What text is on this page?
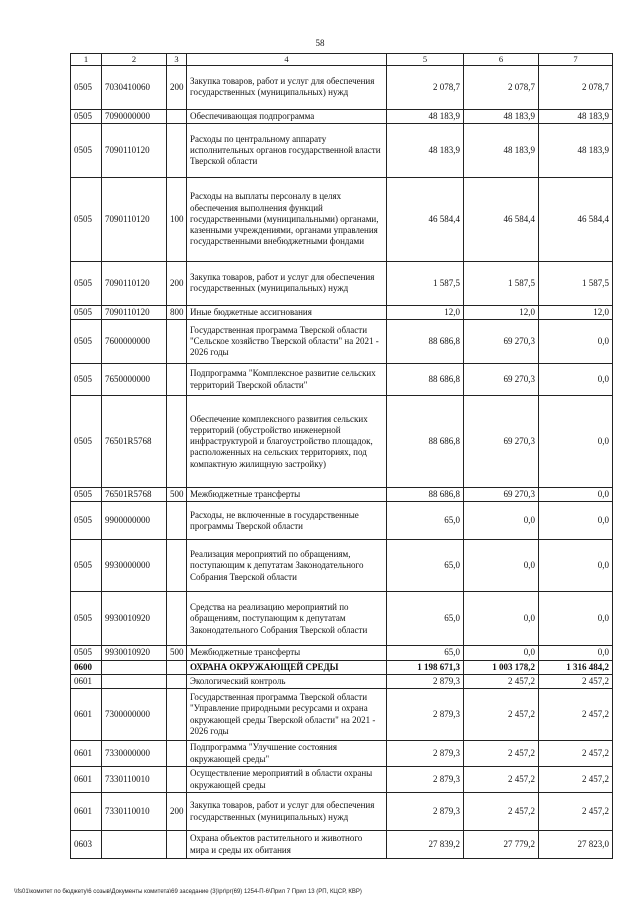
58
1	2	3	4	5	6	7
0505	7030410060	200	Закупка товаров, работ и услуг для обеспечения государственных (муниципальных) нужд	2 078,7	2 078,7	2 078,7
0505	7090000000		Обеспечивающая подпрограмма	48 183,9	48 183,9	48 183,9
0505	7090110120		Расходы по центральному аппарату исполнительных органов государственной власти Тверской области	48 183,9	48 183,9	48 183,9
0505	7090110120	100	Расходы на выплаты персоналу в целях обеспечения выполнения функций государственными (муниципальными) органами, казенными учреждениями, органами управления государственными внебюджетными фондами	46 584,4	46 584,4	46 584,4
0505	7090110120	200	Закупка товаров, работ и услуг для обеспечения государственных (муниципальных) нужд	1 587,5	1 587,5	1 587,5
0505	7090110120	800	Иные бюджетные ассигнования	12,0	12,0	12,0
0505	7600000000		Государственная программа Тверской области "Сельское хозяйство Тверской области" на 2021 - 2026 годы	88 686,8	69 270,3	0,0
0505	7650000000		Подпрограмма "Комплексное развитие сельских территорий Тверской области"	88 686,8	69 270,3	0,0
0505	76501R5768		Обеспечение комплексного развития сельских территорий (обустройство инженерной инфраструктурой и благоустройство площадок, расположенных на сельских территориях, под компактную жилищную застройку)	88 686,8	69 270,3	0,0
0505	76501R5768	500	Межбюджетные трансферты	88 686,8	69 270,3	0,0
0505	9900000000		Расходы, не включенные в государственные программы Тверской области	65,0	0,0	0,0
0505	9930000000		Реализация мероприятий по обращениям, поступающим к депутатам Законодательного Собрания Тверской области	65,0	0,0	0,0
0505	9930010920		Средства на реализацию мероприятий по обращениям, поступающим к депутатам Законодательного Собрания Тверской области	65,0	0,0	0,0
0505	9930010920	500	Межбюджетные трансферты	65,0	0,0	0,0
0600			ОХРАНА ОКРУЖАЮЩЕЙ СРЕДЫ	1 198 671,3	1 003 178,2	1 316 484,2
0601			Экологический контроль	2 879,3	2 457,2	2 457,2
0601	7300000000		Государственная программа Тверской области "Управление природными ресурсами и охрана окружающей среды Тверской области" на 2021 - 2026 годы	2 879,3	2 457,2	2 457,2
0601	7330000000		Подпрограмма "Улучшение состояния окружающей среды"	2 879,3	2 457,2	2 457,2
0601	7330110010		Осуществление мероприятий в области охраны окружающей среды	2 879,3	2 457,2	2 457,2
0601	7330110010	200	Закупка товаров, работ и услуг для обеспечения государственных (муниципальных) нужд	2 879,3	2 457,2	2 457,2
0603			Охрана объектов растительного и животного мира и среды их обитания	27 839,2	27 779,2	27 823,0
\\fs01\комитет по бюджету\6 созыв\Документы комитета\69 заседание (3)\pr\pr(69) 1254-П-6\Прил 7 Прил 13 (РП, КЦСР, КВР)
